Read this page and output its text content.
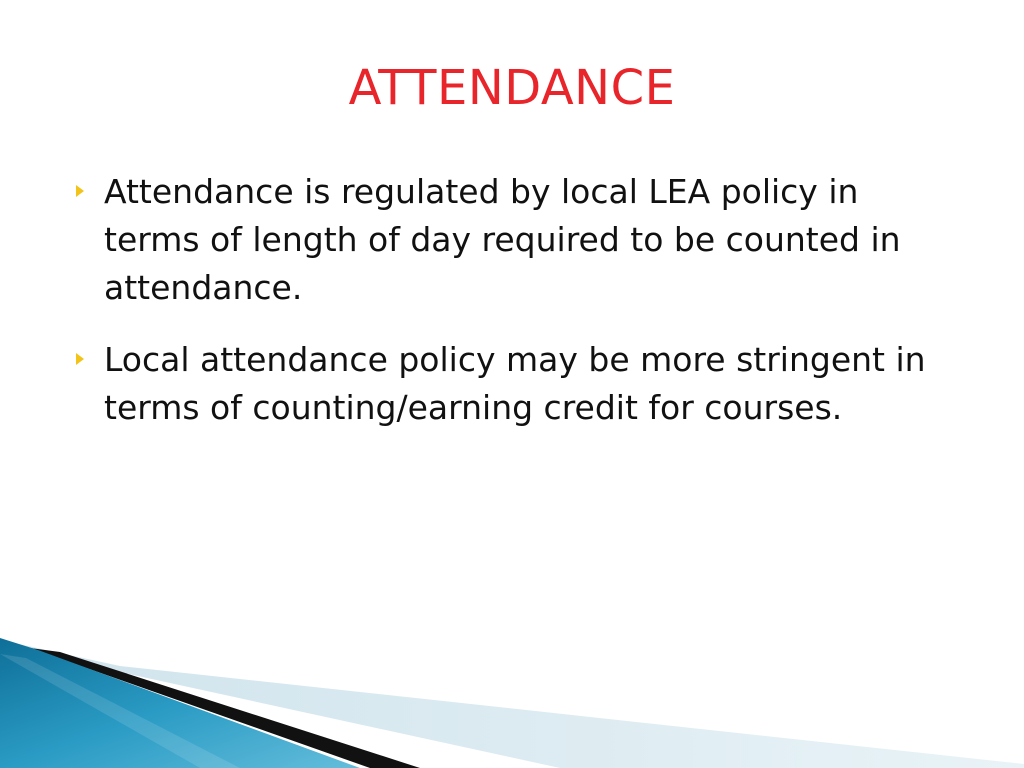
ATTENDANCE
Attendance is regulated by local LEA policy in terms of length of day required to be counted in attendance.
Local attendance policy may be more stringent in terms of counting/earning credit for courses.
